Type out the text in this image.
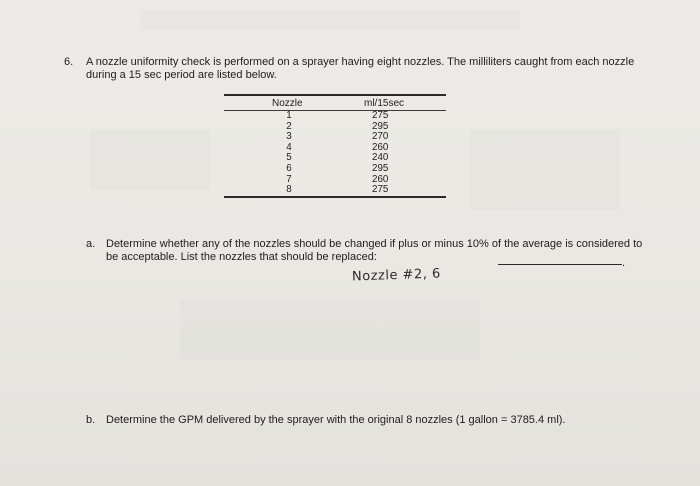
6. A nozzle uniformity check is performed on a sprayer having eight nozzles. The milliliters caught from each nozzle during a 15 sec period are listed below.
Nozzle	ml/15sec
1	275
2	295
3	270
4	260
5	240
6	295
7	260
8	275
a. Determine whether any of the nozzles should be changed if plus or minus 10% of the average is considered to be acceptable. List the nozzles that should be replaced:	.
Nozzle #2, 6
b. Determine the GPM delivered by the sprayer with the original 8 nozzles (1 gallon = 3785.4 ml).
